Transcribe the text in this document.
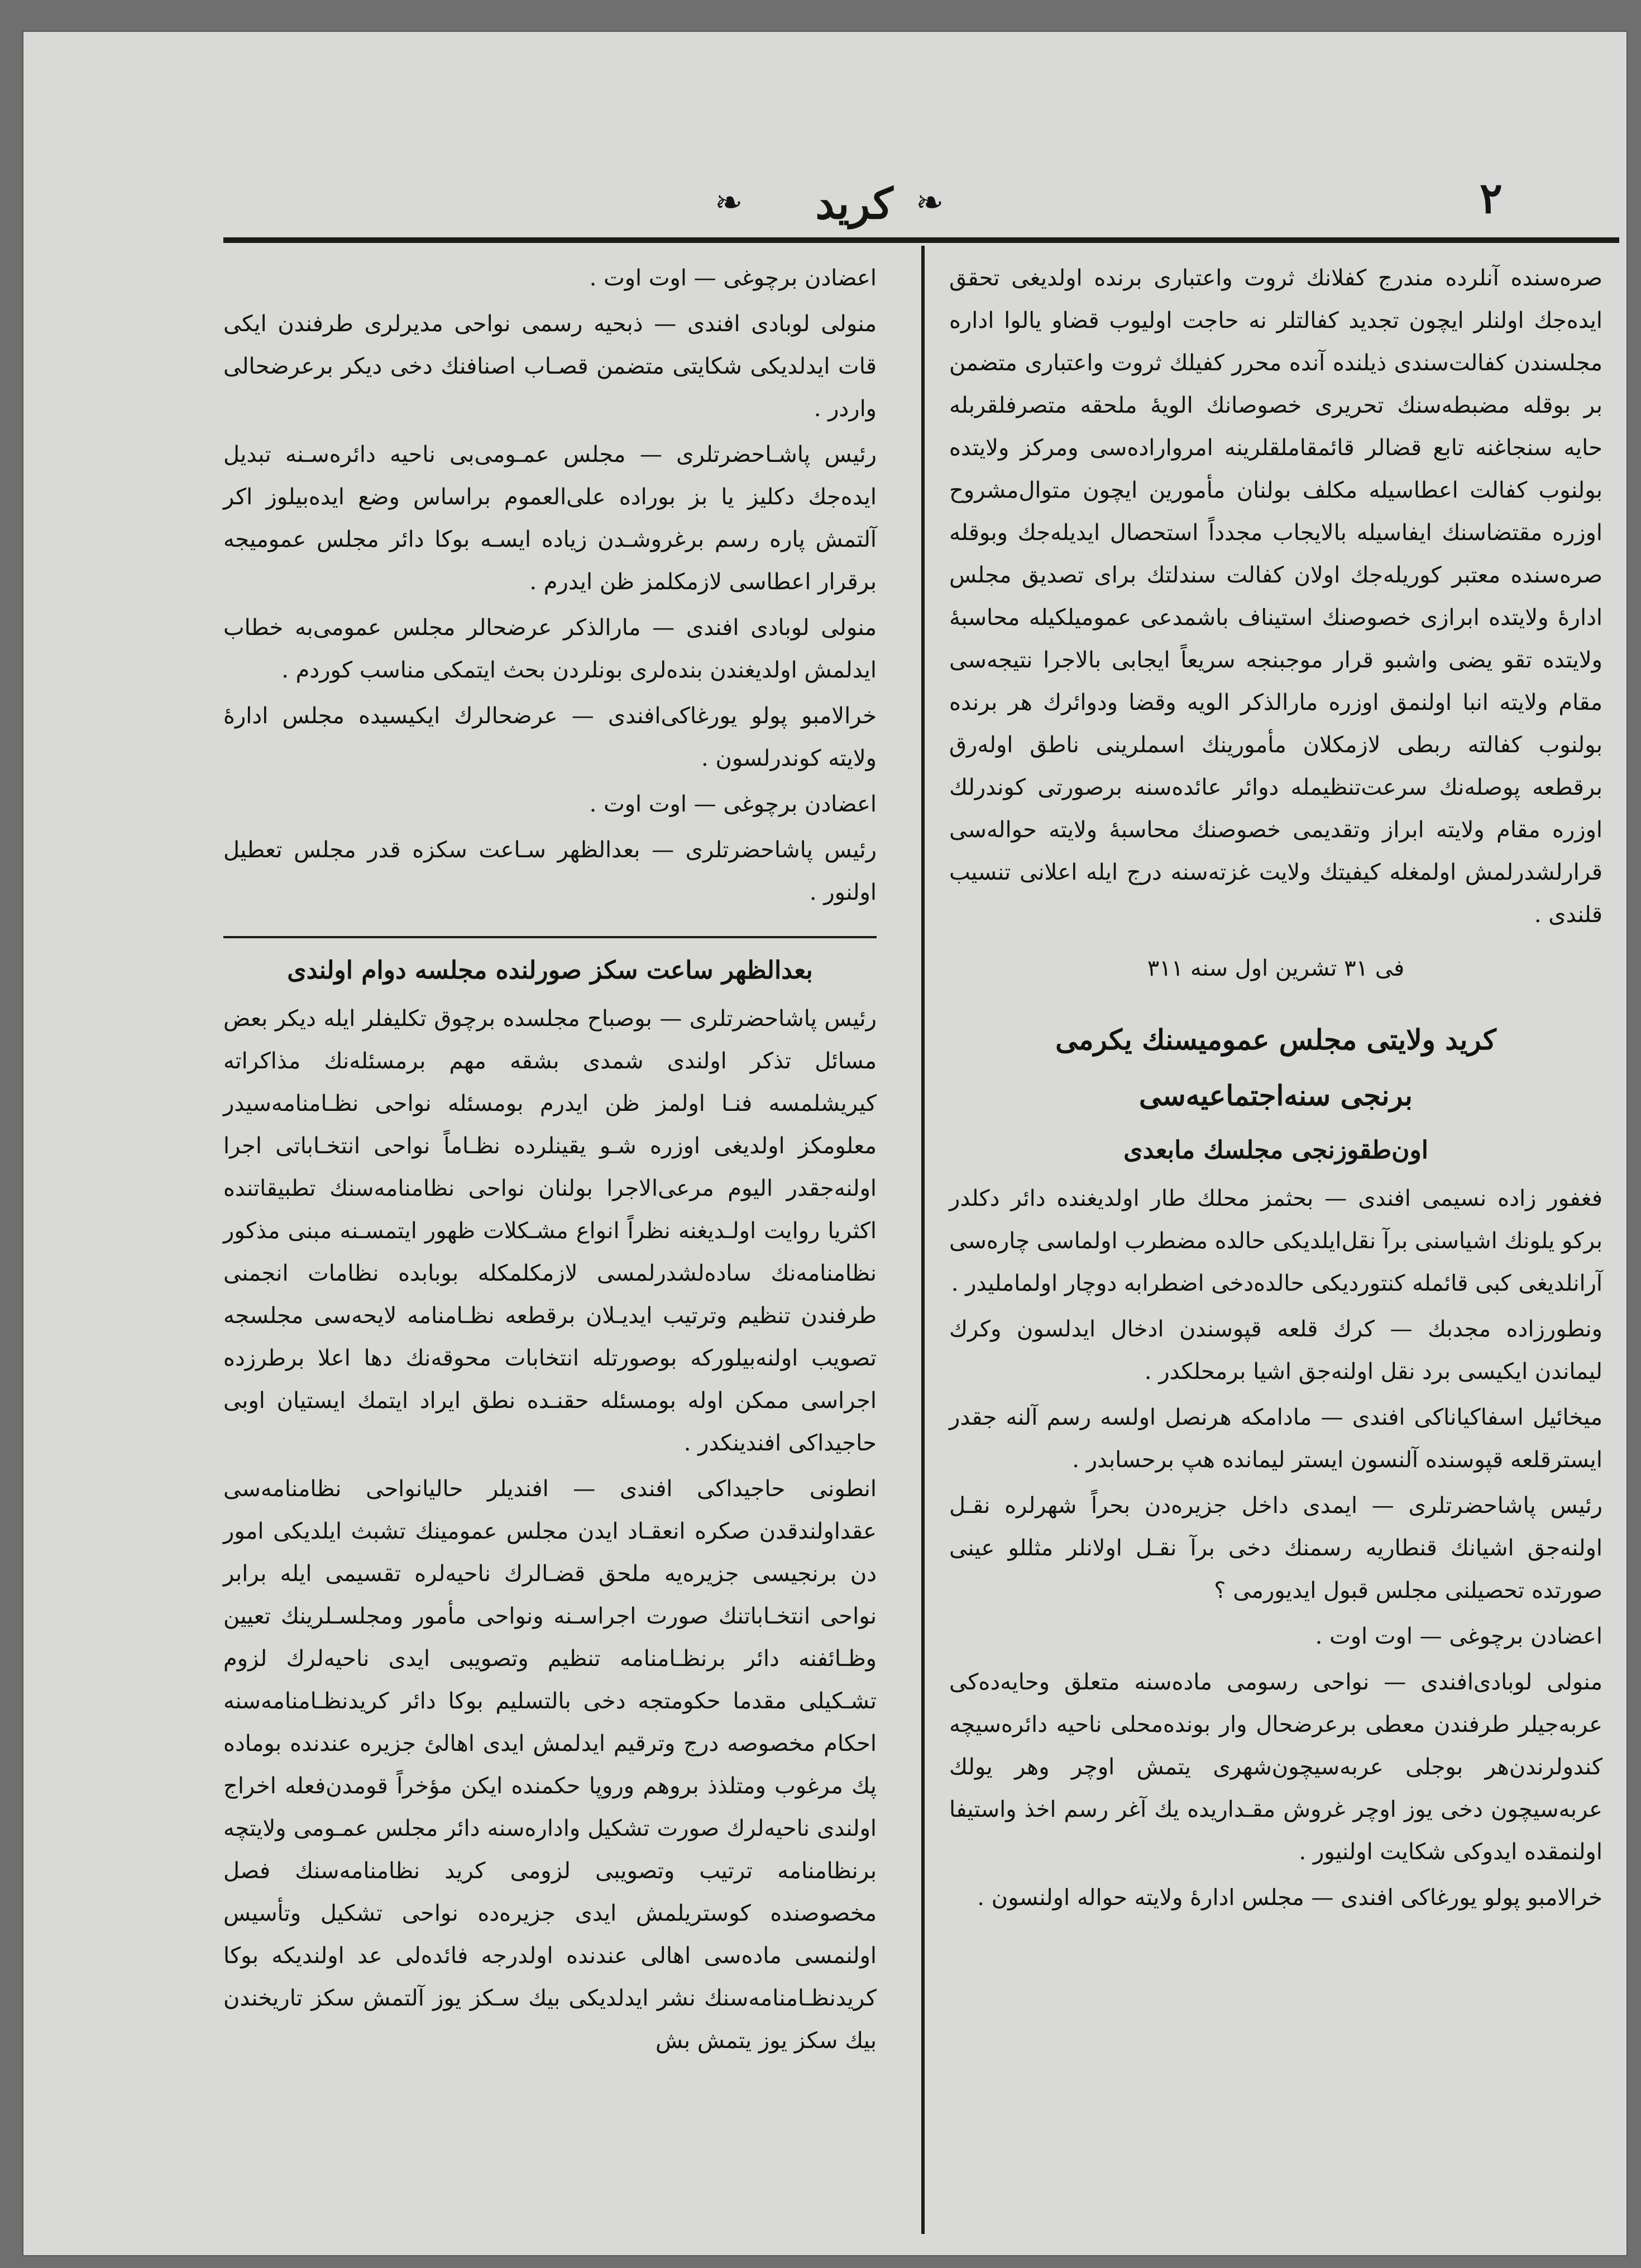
۲
❧
كريد
❧

صره‌سنده آنلرده مندرج كفلانك ثروت واعتباری برنده اولديغی تحقق ايده‌جك اولنلر ايچون تجديد كفالتلر نه حاجت اوليوب قضاو يالوا اداره مجلسندن كفالت‌سندی ذيلنده آنده محرر كفيلك ثروت واعتباری متضمن بر بوقله مضبطه‌سنك تحريری خصوصانك الويهٔ ملحقه متصرفلقربله حايه سنجاغنه تابع قضالر قائمقاملقلرينه امرواراده‌سی ومركز ولايتده بولنوب كفالت اعطاسيله مكلف بولنان مأمورين ايچون متوال‌مشروح اوزره مقتضاسنك ايفاسيله بالايجاب مجدداً استحصال ايديله‌جك وبوقله صره‌سنده معتبر كوريله‌جك اولان كفالت سندلتك برای تصديق مجلس ادارهٔ ولايتده ابرازی خصوصنك استيناف باشمدعی عموميلكيله محاسبهٔ ولايتده تقو يضی واشبو قرار موجبنجه سريعاً ايجابی بالاجرا نتيجه‌سی مقام ولايته انبا اولنمق اوزره مارالذكر الويه وقضا ودوائرك هر برنده بولنوب كفالته ربطی لازمكلان مأمورينك اسملرينی ناطق اوله‌رق برقطعه پوصله‌نك سرعت‌تنظيمله دوائر عائده‌سنه برصورتی كوندرلك اوزره مقام ولايته ابراز وتقديمی خصوصنك محاسبهٔ ولايته حواله‌سی قرارلشدرلمش اولمغله كيفيتك ولايت غزته‌سنه درج ايله اعلانی تنسيب قلندی .

فی ۳۱ تشرين اول سنه ۳۱۱

كريد ولايتی مجلس عموميسنك يكرمی
برنجی سنه‌اجتماعيه‌سی
اون‌طقوزنجی مجلسك مابعدی

فغفور زاده نسيمی افندی — بحثمز محلك طار اولديغنده دائر دكلدر بركو يلونك اشياسنی برآ نقل‌ايلديكی حالده مضطرب اولماسی چاره‌سی آرانلديغی كبی قائمله كنتوردیكی حالده‌دخی اضطرابه دوچار اولماملیدر .

ونطورزاده مجدبك — كرك قلعه قپوسندن ادخال ايدلسون وكرك ليماندن ايكيسی برد نقل اولنه‌جق اشيا برمحلكدر .

ميخائيل اسفاكياناكی افندی — مادامكه هرنصل اولسه رسم آلنه جقدر ايسترقلعه قپوسنده آلنسون ايستر ليمانده هپ برحسابدر .

رئيس پاشاحضرتلری — ايمدی داخل جزيره‌دن بحراً شهرلره نقـل اولنه‌جق اشيانك قنطاريه رسمنك دخی برآ نقـل اولانلر مثللو عينی صورتده تحصيلنی مجلس قبول ايديورمی ؟

اعضادن برچوغی — اوت اوت .

منولی لوبادی‌افندی — نواحی رسومی ماده‌سنه متعلق وحايه‌ده‌كی عربه‌جيلر طرفندن معطی برعرضحال وار بونده‌محلی ناحيه دائره‌سيچه كندولرندن‌هر بوجلی عربه‌سيچون‌شهری يتمش اوچر وهر يولك عربه‌سيچون دخی يوز اوچر غروش مقـداریده يك آغر رسم اخذ واستيفا اولنمقده ايدوكی شكايت اولنيور .

خرالامبو پولو يورغاكی افندی — مجلس ادارهٔ ولايته حواله اولنسون .

اعضادن برچوغی — اوت اوت .

منولی لوبادی افندی — ذبحيه رسمی نواحی مديرلری طرفندن ايكی قات ايدلديكی شكايتی متضمن قصـاب اصنافنك دخی ديكر برعرضحالی واردر .

رئيس پاشـاحضرتلری — مجلس عمـومی‌بی ناحيه دائره‌سـنه تبديل ايده‌جك دكليز يا بز بوراده علی‌العموم براساس وضع ايده‌بيلوز اكر آلتمش پاره رسم برغروشـدن زياده ايسـه بوكا دائر مجلس عموميجه برقرار اعطاسی لازمكلمز ظن ايدرم .

منولی لوبادی افندی — مارالذكر عرضحالر مجلس عمومی‌به خطاب ايدلمش اولديغندن بنده‌لری بونلردن بحث ايتمكی مناسب كوردم .

خرالامبو پولو يورغاكی‌افندی — عرضحالرك ايكيسيده مجلس ادارهٔ ولايته كوندرلسون .

اعضادن برچوغی — اوت اوت .

رئيس پاشاحضرتلری — بعدالظهر سـاعت سكزه قدر مجلس تعطيل اولنور .

بعدالظهر ساعت سكز صورلنده مجلسه دوام اولندی

رئيس پاشاحضرتلری — بوصباح مجلسده برچوق تكليفلر ايله ديكر بعض مسائل تذكر اولندی شمدی بشقه مهم برمسئله‌نك مذاكراته كيريشلمسه فنـا اولمز ظن ايدرم بومسئله نواحی نظـامنامه‌سيدر معلومكز اولديغی اوزره شـو يقينلرده نظـاماً نواحی انتخـاباتی اجرا اولنه‌جقدر اليوم مرعی‌الاجرا بولنان نواحی نظامنامه‌سنك تطبيقاتنده اكثريا روايت اولـديغنه نظراً انواع مشـكلات ظهور ايتمسـنه مبنی مذكور نظامنامه‌نك ساده‌لشدرلمسی لازمكلمكله بوبابده نظامات انجمنی طرفندن تنظيم وترتيب ايديـلان برقطعه نظـامنامه لايحه‌سی مجلسجه تصويب اولنه‌بيلوركه بوصورتله انتخابات محوقه‌نك دها اعلا برطرزده اجراسی ممكن اوله بومسئله حقنـده نطق ايراد ايتمك ايستيان اوبی حاجيداكی افندينكدر .

انطونی حاجيداكی افندی — افنديلر حاليانواحی‌ نظامنامه‌سی عقداولندقدن صكره انعقـاد ايدن مجلس عمومينك تشبث ايلديكی امور دن برنجيسی جزيره‌يه ملحق قضـالرك ناحيه‌لره تقسيمی ايله برابر نواحی انتخـاباتنك صورت اجراسـنه ونواحی مأمور ومجلسـلرينك تعيين وظـائفنه دائر برنظـامنامه تنظيم وتصويبی ايدی ناحيه‌لرك لزوم تشـكيلی مقدما حكومتجه دخی بالتسليم بوكا دائر كريدنظـامنامه‌سنه احكام مخصوصه درج وترقيم ايدلمش ايدی اهالئ جزيره عندنده بوماده پك مرغوب ومتلذذ بروهم وروپا حكمنده ايكن مؤخراً قومدن‌فعله اخراج اولندی ناحيه‌لرك صورت تشكيل واداره‌سنه دائر مجلس عمـومی ولايتچه برنظامنامه ترتيب وتصويبی لزومی كريد نظامنامه‌سنك فصل مخصوصنده كوستريلمش ايدی جزيره‌ده نواحی تشكيل وتأسيس اولنمسی ماده‌سی اهالی عندنده اولدرجه فائده‌لی عد اولنديكه بوكا كريدنظـامنامه‌سنك نشر ايدلديكی بيك سـكز يوز آلتمش سكز تاريخندن بيك سكز يوز يتمش بش
